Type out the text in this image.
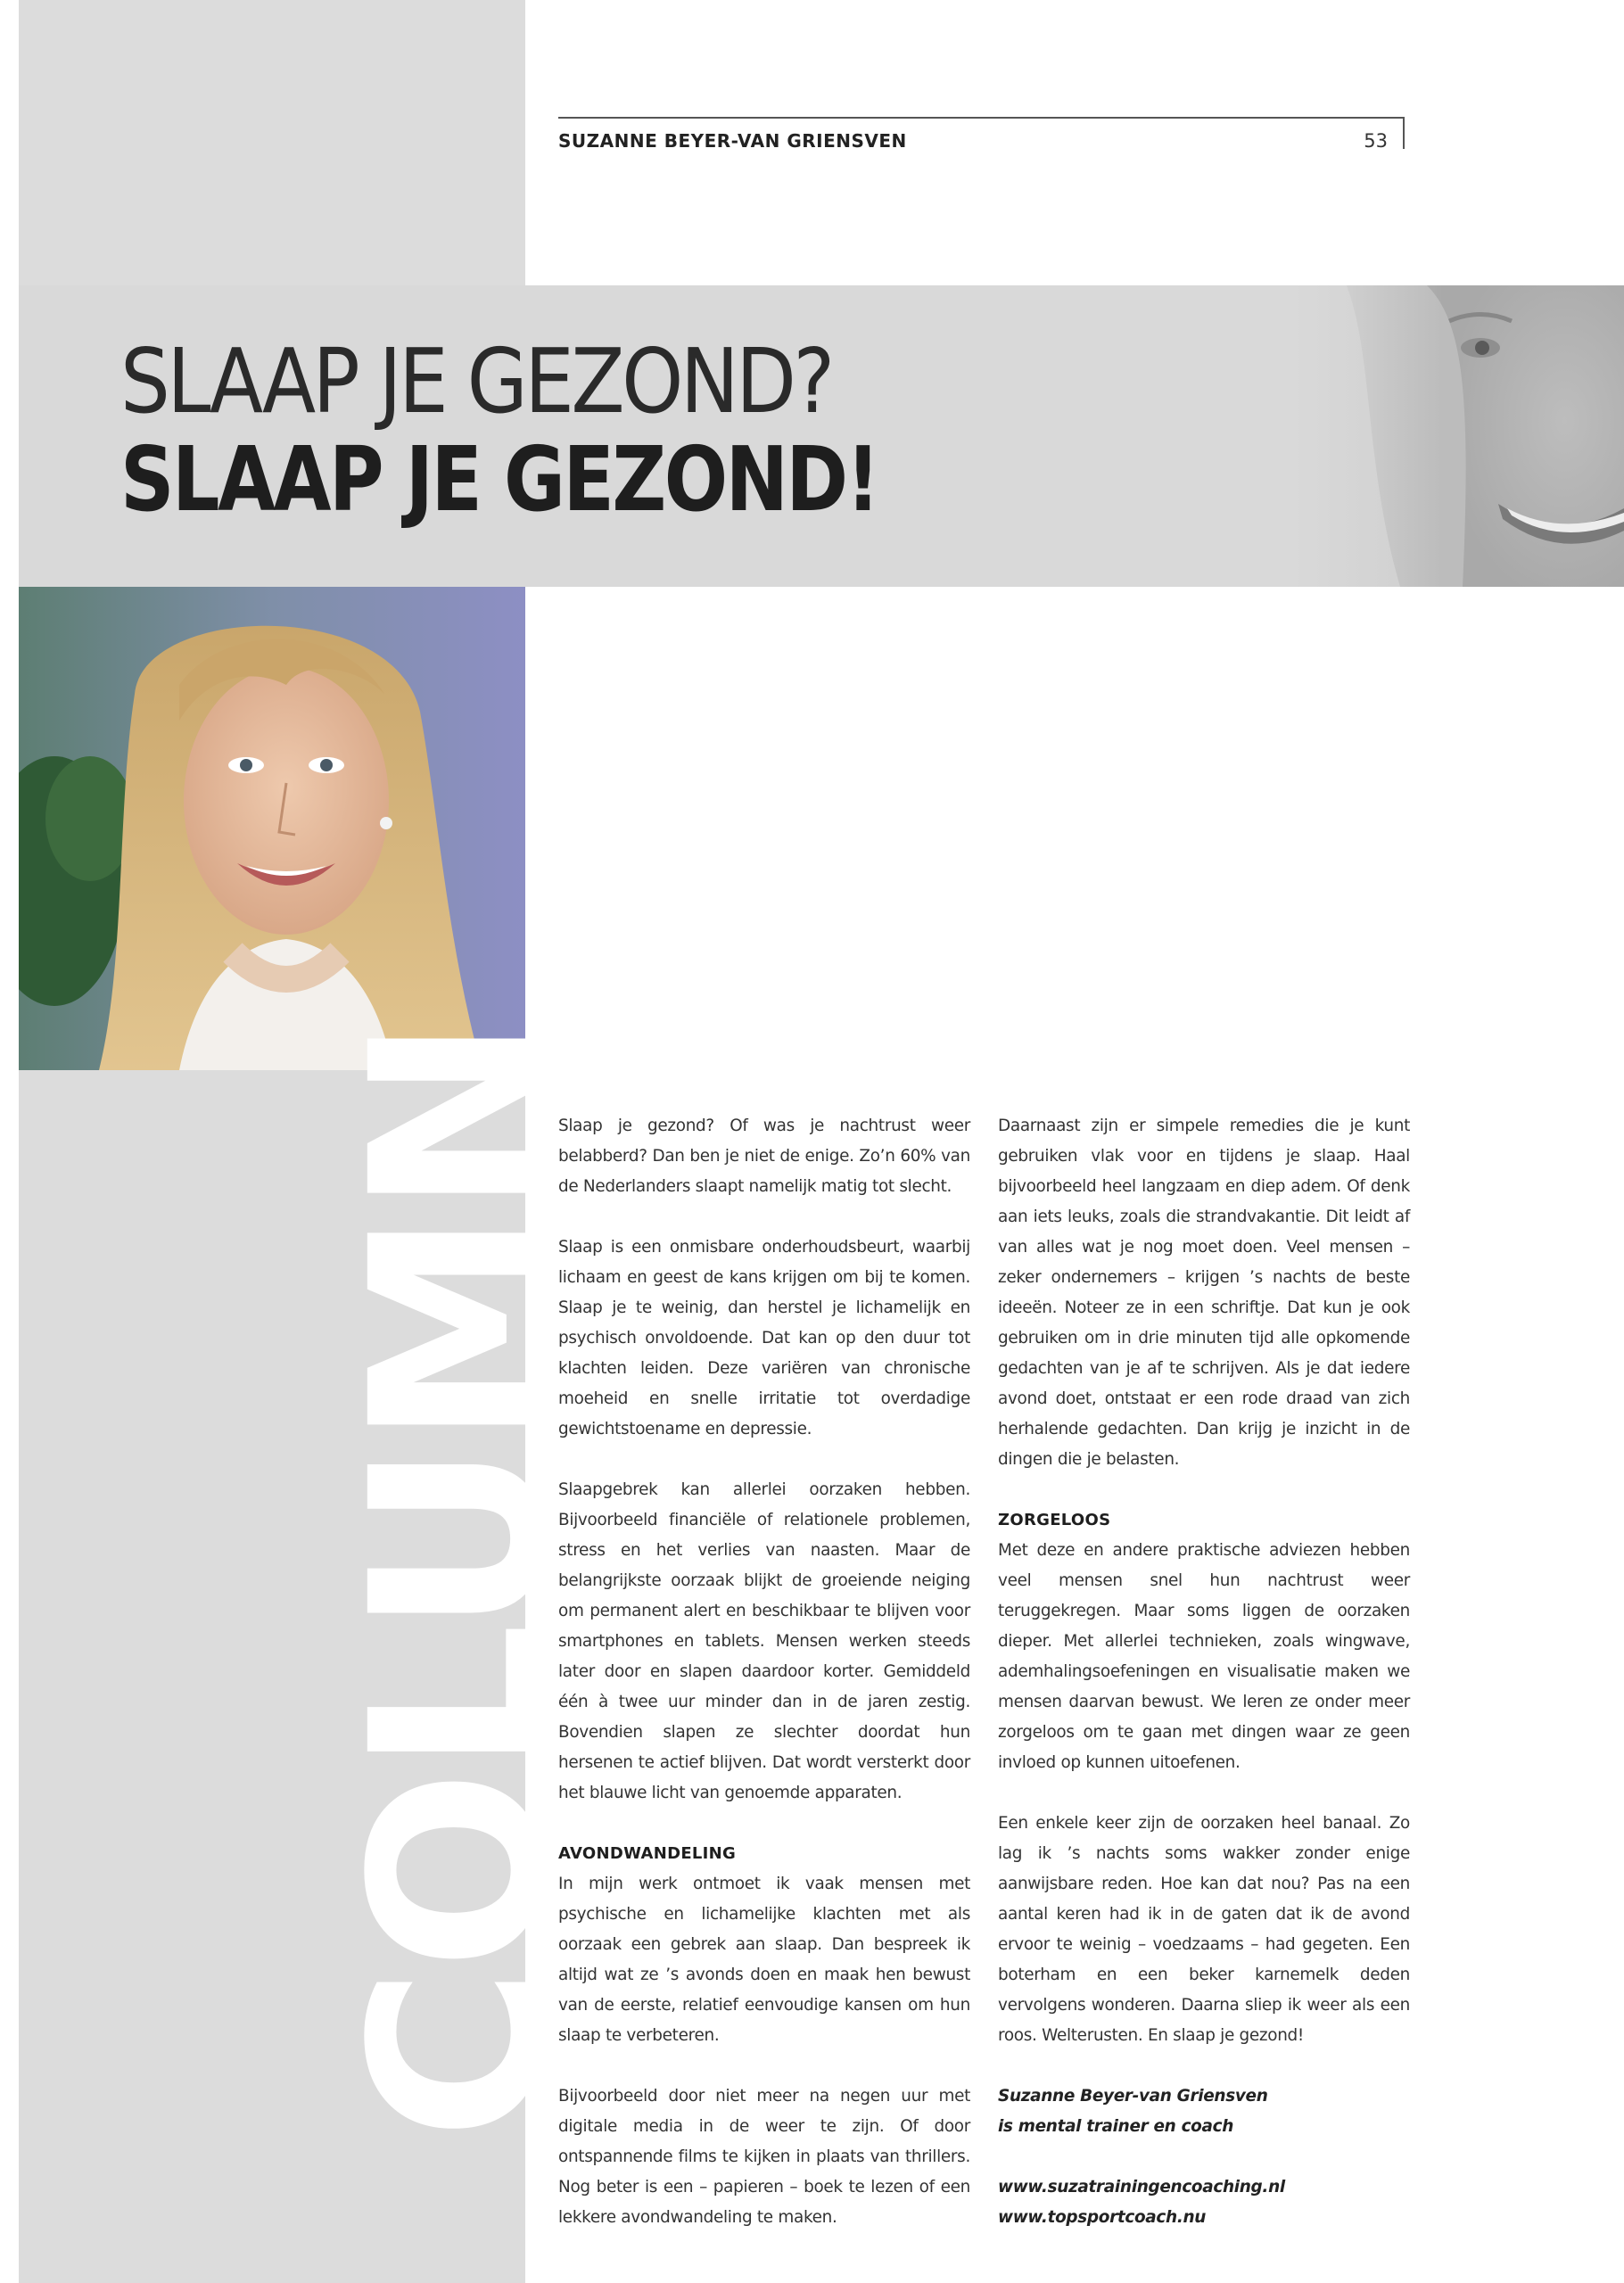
SUZANNE BEYER-VAN GRIENSVEN	53
SLAAP JE GEZOND?
SLAAP JE GEZOND!
COLUMN

Slaap je gezond? Of was je nachtrust weer belabberd? Dan ben je niet de enige. Zo’n 60% van de Nederlanders slaapt namelijk matig tot slecht.

Slaap is een onmisbare onderhoudsbeurt, waarbij lichaam en geest de kans krijgen om bij te komen. Slaap je te weinig, dan herstel je lichamelijk en psychisch onvoldoende. Dat kan op den duur tot klachten leiden. Deze variëren van chronische moeheid en snelle irritatie tot overdadige gewichtstoename en depressie.

Slaapgebrek kan allerlei oorzaken hebben. Bijvoorbeeld financiële of relationele problemen, stress en het verlies van naasten. Maar de belangrijkste oorzaak blijkt de groeiende neiging om permanent alert en beschikbaar te blijven voor smartphones en tablets. Mensen werken steeds later door en slapen daardoor korter. Gemiddeld één à twee uur minder dan in de jaren zestig. Bovendien slapen ze slechter doordat hun hersenen te actief blijven. Dat wordt versterkt door het blauwe licht van genoemde apparaten.

AVONDWANDELING

In mijn werk ontmoet ik vaak mensen met psychische en lichamelijke klachten met als oorzaak een gebrek aan slaap. Dan bespreek ik altijd wat ze ’s avonds doen en maak hen bewust van de eerste, relatief eenvoudige kansen om hun slaap te verbeteren.

Bijvoorbeeld door niet meer na negen uur met digitale media in de weer te zijn. Of door ontspannende films te kijken in plaats van thrillers. Nog beter is een – papieren – boek te lezen of een lekkere avondwandeling te maken.

Daarnaast zijn er simpele remedies die je kunt gebruiken vlak voor en tijdens je slaap. Haal bijvoorbeeld heel langzaam en diep adem. Of denk aan iets leuks, zoals die strandvakantie. Dit leidt af van alles wat je nog moet doen. Veel mensen – zeker ondernemers – krijgen ’s nachts de beste ideeën. Noteer ze in een schriftje. Dat kun je ook gebruiken om in drie minuten tijd alle opkomende gedachten van je af te schrijven. Als je dat iedere avond doet, ontstaat er een rode draad van zich herhalende gedachten. Dan krijg je inzicht in de dingen die je belasten.

ZORGELOOS

Met deze en andere praktische adviezen hebben veel mensen snel hun nachtrust weer teruggekregen. Maar soms liggen de oorzaken dieper. Met allerlei technieken, zoals wingwave, ademhalingsoefeningen en visualisatie maken we mensen daarvan bewust. We leren ze onder meer zorgeloos om te gaan met dingen waar ze geen invloed op kunnen uitoefenen.

Een enkele keer zijn de oorzaken heel banaal. Zo lag ik ’s nachts soms wakker zonder enige aanwijsbare reden. Hoe kan dat nou? Pas na een aantal keren had ik in de gaten dat ik de avond ervoor te weinig – voedzaams – had gegeten. Een boterham en een beker karnemelk deden vervolgens wonderen. Daarna sliep ik weer als een roos. Welterusten. En slaap je gezond!

Suzanne Beyer-van Griensven

is mental trainer en coach

www.suzatrainingencoaching.nl

www.topsportcoach.nu
